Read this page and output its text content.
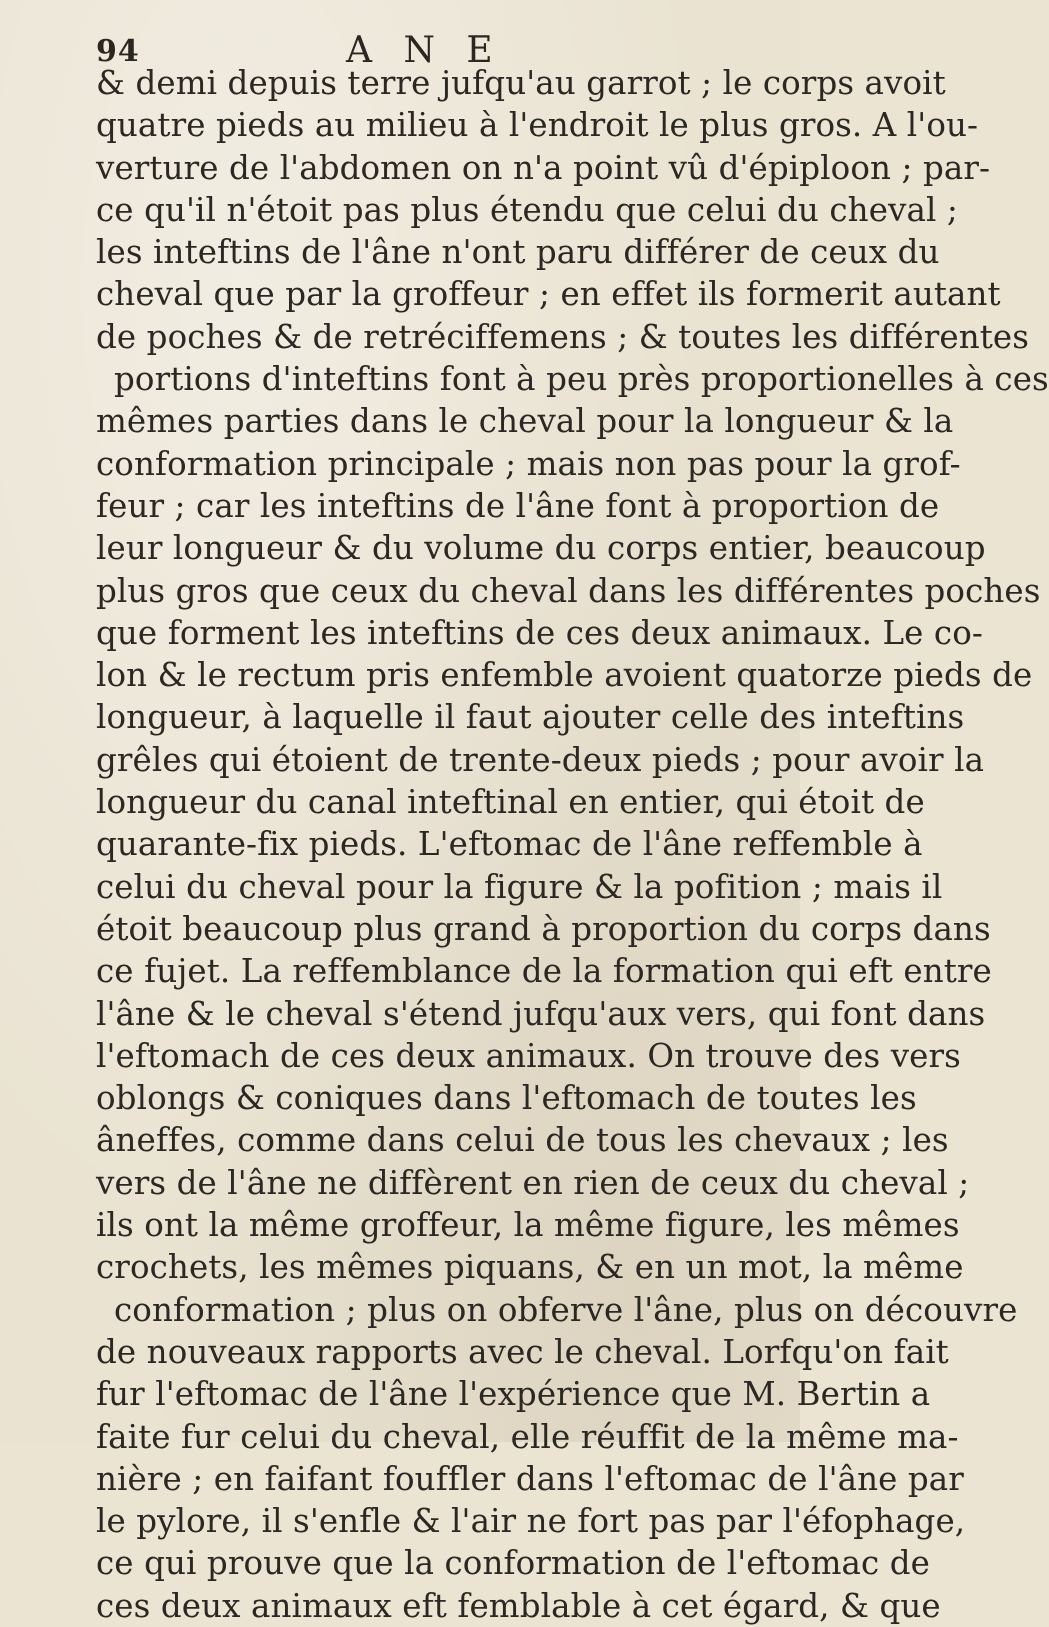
94	A N E
& demi depuis terre jufqu'au garrot ; le corps avoit
quatre pieds au milieu à l'endroit le plus gros. A l'ou-
verture de l'abdomen on n'a point vû d'épiploon ; par-
ce qu'il n'étoit pas plus étendu que celui du cheval ;
les inteftins de l'âne n'ont paru différer de ceux du
cheval que par la groffeur ; en effet ils formerit autant
de poches & de retréciffemens ; & toutes les différentes
portions d'inteftins font à peu près proportionelles à ces
mêmes parties dans le cheval pour la longueur & la
conformation principale ; mais non pas pour la grof-
feur ; car les inteftins de l'âne font à proportion de
leur longueur & du volume du corps entier, beaucoup
plus gros que ceux du cheval dans les différentes poches
que forment les inteftins de ces deux animaux. Le co-
lon & le rectum pris enfemble avoient quatorze pieds de
longueur, à laquelle il faut ajouter celle des inteftins
grêles qui étoient de trente-deux pieds ; pour avoir la
longueur du canal inteftinal en entier, qui étoit de
quarante-fix pieds. L'eftomac de l'âne reffemble à
celui du cheval pour la figure & la pofition ; mais il
étoit beaucoup plus grand à proportion du corps dans
ce fujet. La reffemblance de la formation qui eft entre
l'âne & le cheval s'étend jufqu'aux vers, qui font dans
l'eftomach de ces deux animaux. On trouve des vers
oblongs & coniques dans l'eftomach de toutes les
âneffes, comme dans celui de tous les chevaux ; les
vers de l'âne ne diffèrent en rien de ceux du cheval ;
ils ont la même groffeur, la même figure, les mêmes
crochets, les mêmes piquans, & en un mot, la même
conformation ; plus on obferve l'âne, plus on découvre
de nouveaux rapports avec le cheval. Lorfqu'on fait
fur l'eftomac de l'âne l'expérience que M. Bertin a
faite fur celui du cheval, elle réuffit de la même ma-
nière ; en faifant fouffler dans l'eftomac de l'âne par
le pylore, il s'enfle & l'air ne fort pas par l'éfophage,
ce qui prouve que la conformation de l'eftomac de
ces deux animaux eft femblable à cet égard, & que
